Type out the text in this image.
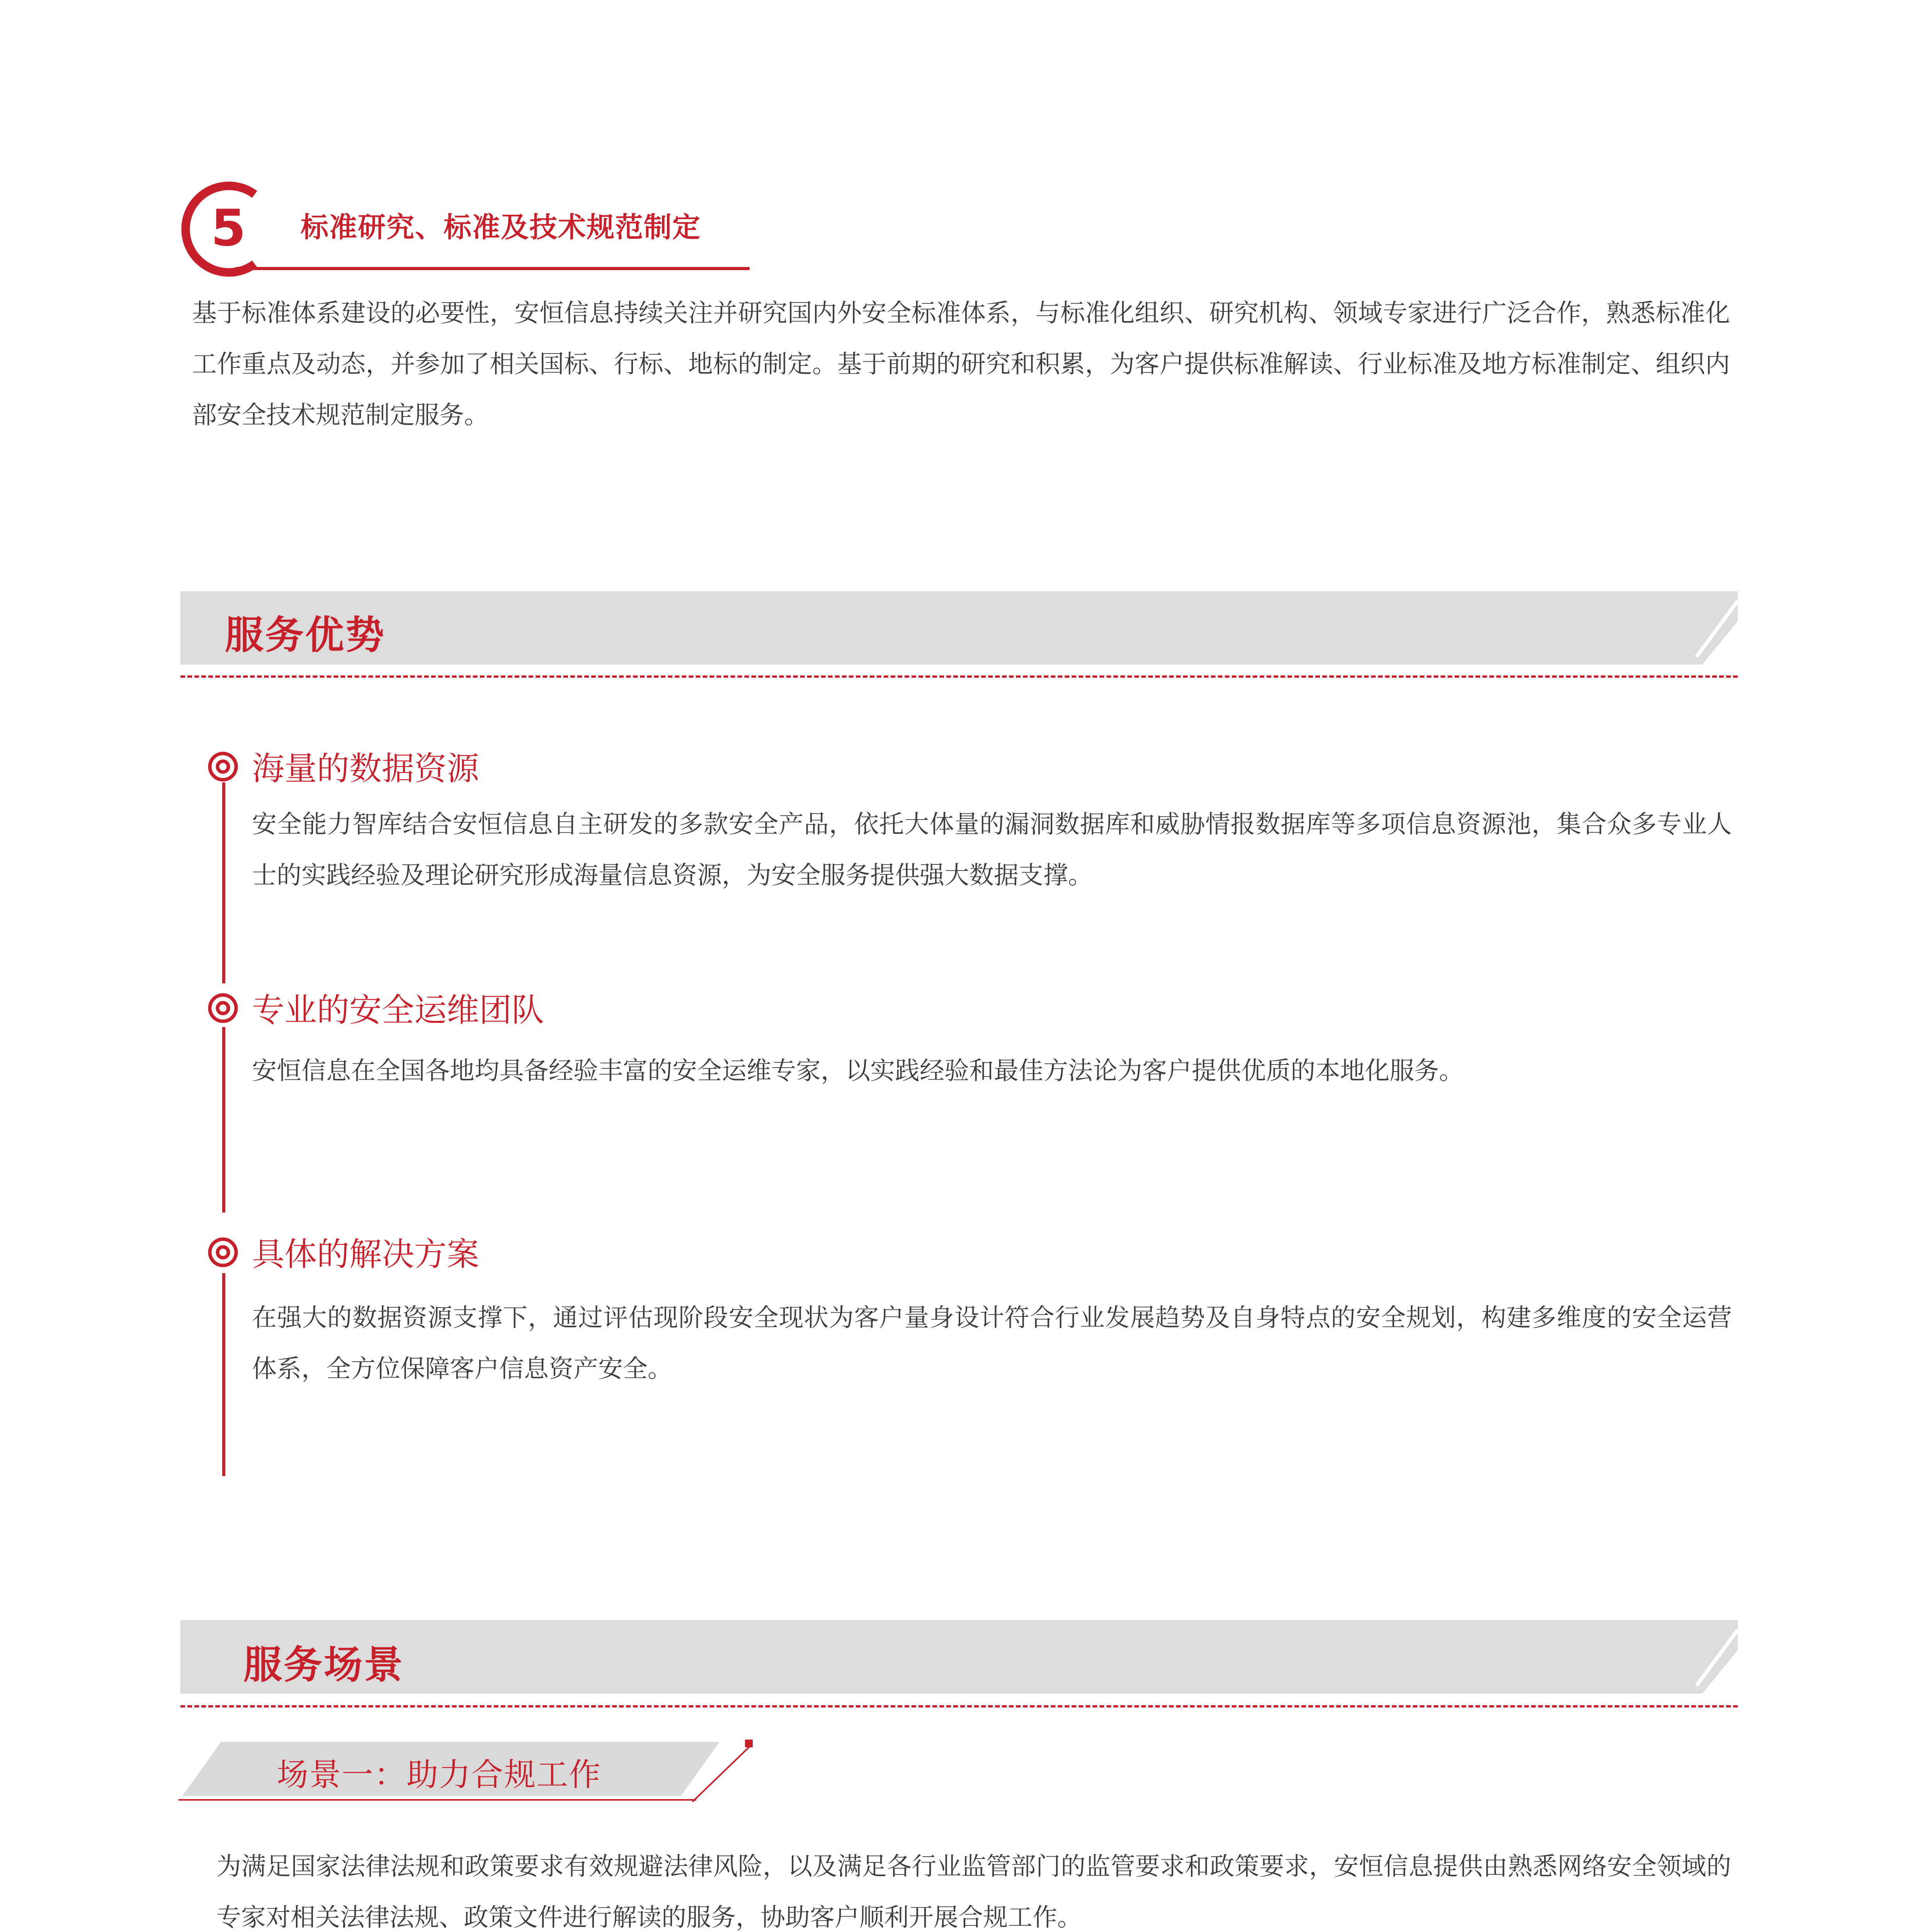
5 标准研究、标准及技术规范制定

基于标准体系建设的必要性，安恒信息持续关注并研究国内外安全标准体系，与标准化组织、研究机构、领域专家进行广泛合作，熟悉标准化工作重点及动态，并参加了相关国标、行标、地标的制定。基于前期的研究和积累，为客户提供标准解读、行业标准及地方标准制定、组织内部安全技术规范制定服务。

服务优势
海量的数据资源

安全能力智库结合安恒信息自主研发的多款安全产品，依托大体量的漏洞数据库和威胁情报数据库等多项信息资源池，集合众多专业人士的实践经验及理论研究形成海量信息资源，为安全服务提供强大数据支撑。

专业的安全运维团队

安恒信息在全国各地均具备经验丰富的安全运维专家，以实践经验和最佳方法论为客户提供优质的本地化服务。

具体的解决方案

在强大的数据资源支撑下，通过评估现阶段安全现状为客户量身设计符合行业发展趋势及自身特点的安全规划，构建多维度的安全运营体系，全方位保障客户信息资产安全。

服务场景
场景一：助力合规工作

为满足国家法律法规和政策要求有效规避法律风险，以及满足各行业监管部门的监管要求和政策要求，安恒信息提供由熟悉网络安全领域的专家对相关法律法规、政策文件进行解读的服务，协助客户顺利开展合规工作。
